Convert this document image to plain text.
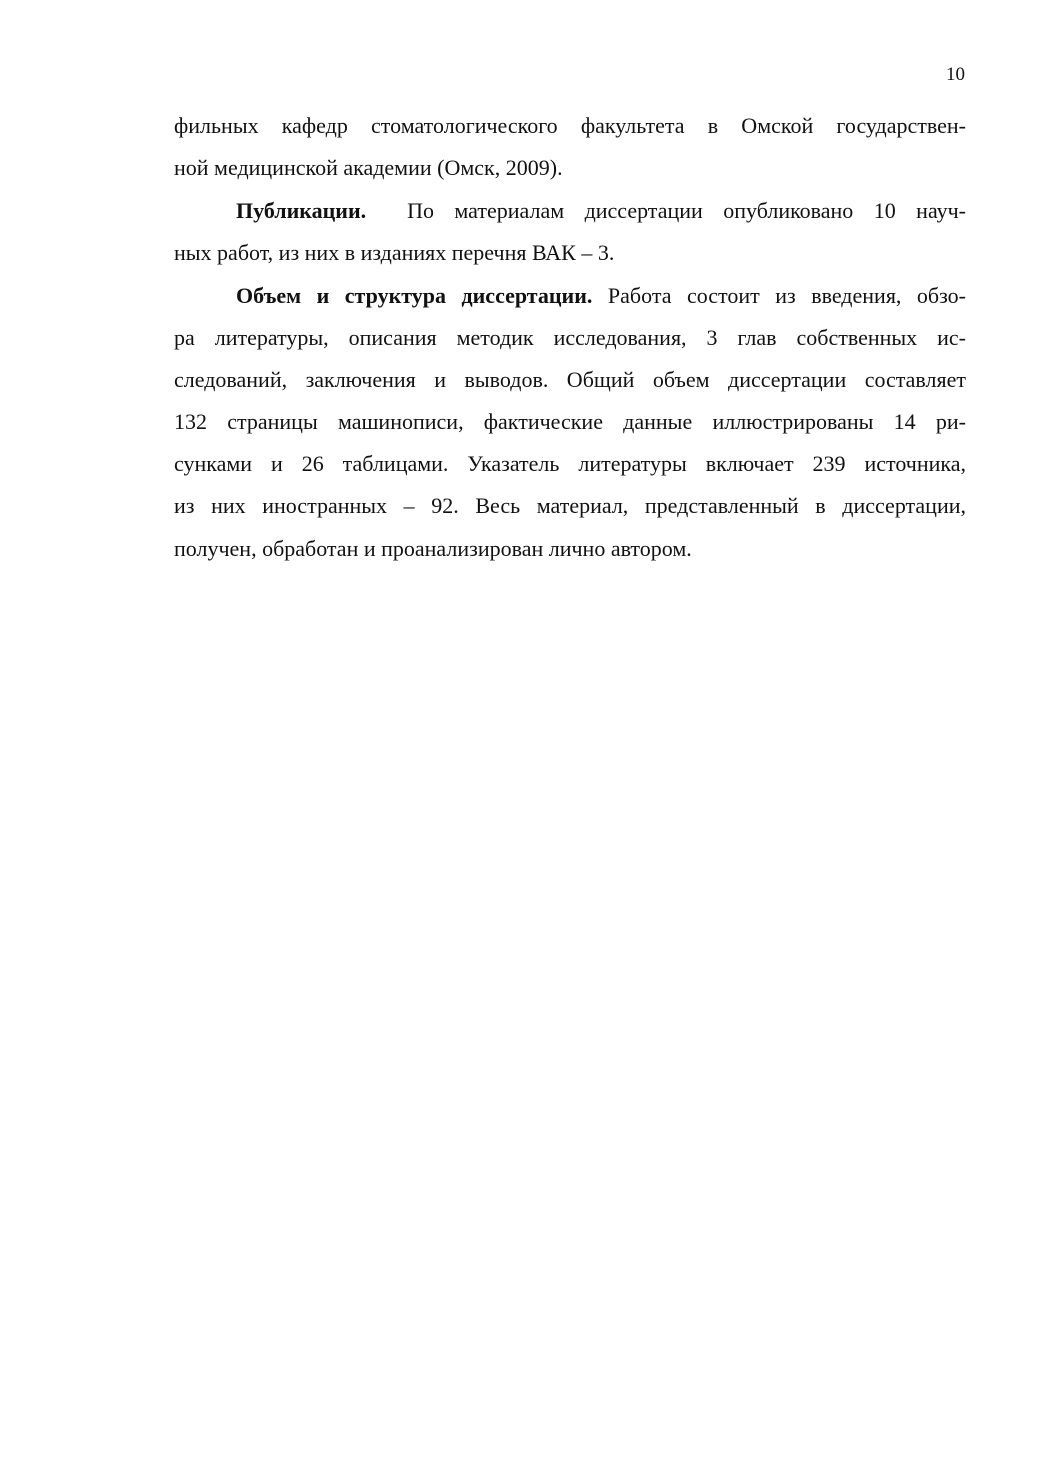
10
фильных кафедр стоматологического факультета в Омской государствен-
ной медицинской академии (Омск, 2009).
Публикации. По материалам диссертации опубликовано 10 науч-
ных работ, из них в изданиях перечня ВАК – 3.
Объем и структура диссертации. Работа состоит из введения, обзо-
ра литературы, описания методик исследования, 3 глав собственных ис-
следований, заключения и выводов. Общий объем диссертации составляет
132 страницы машинописи, фактические данные иллюстрированы 14 ри-
сунками и 26 таблицами. Указатель литературы включает 239 источника,
из них иностранных – 92. Весь материал, представленный в диссертации,
получен, обработан и проанализирован лично автором.
